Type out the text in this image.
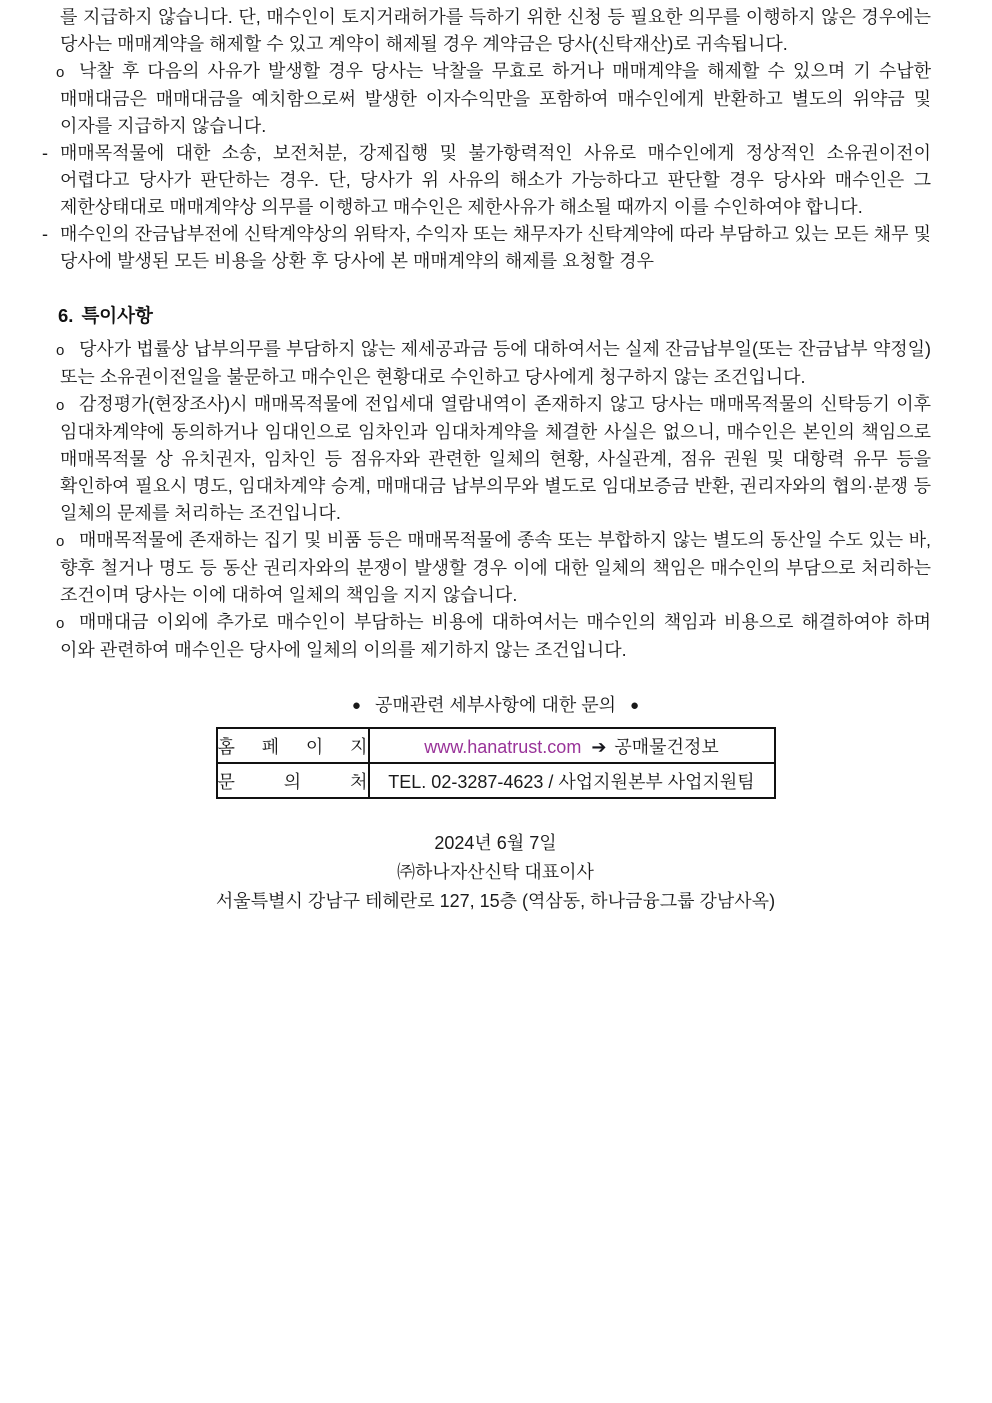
를 지급하지 않습니다. 단, 매수인이 토지거래허가를 득하기 위한 신청 등 필요한 의무를 이행하지 않은 경우에는 당사는 매매계약을 해제할 수 있고 계약이 해제될 경우 계약금은 당사(신탁재산)로 귀속됩니다.

o 낙찰 후 다음의 사유가 발생할 경우 당사는 낙찰을 무효로 하거나 매매계약을 해제할 수 있으며 기 수납한 매매대금은 매매대금을 예치함으로써 발생한 이자수익만을 포함하여 매수인에게 반환하고 별도의 위약금 및 이자를 지급하지 않습니다.

- 매매목적물에 대한 소송, 보전처분, 강제집행 및 불가항력적인 사유로 매수인에게 정상적인 소유권이전이 어렵다고 당사가 판단하는 경우. 단, 당사가 위 사유의 해소가 가능하다고 판단할 경우 당사와 매수인은 그 제한상태대로 매매계약상 의무를 이행하고 매수인은 제한사유가 해소될 때까지 이를 수인하여야 합니다.

- 매수인의 잔금납부전에 신탁계약상의 위탁자, 수익자 또는 채무자가 신탁계약에 따라 부담하고 있는 모든 채무 및 당사에 발생된 모든 비용을 상환 후 당사에 본 매매계약의 해제를 요청할 경우

6. 특이사항

o 당사가 법률상 납부의무를 부담하지 않는 제세공과금 등에 대하여서는 실제 잔금납부일(또는 잔금납부 약정일) 또는 소유권이전일을 불문하고 매수인은 현황대로 수인하고 당사에게 청구하지 않는 조건입니다.

o 감정평가(현장조사)시 매매목적물에 전입세대 열람내역이 존재하지 않고 당사는 매매목적물의 신탁등기 이후 임대차계약에 동의하거나 임대인으로 임차인과 임대차계약을 체결한 사실은 없으니, 매수인은 본인의 책임으로 매매목적물 상 유치권자, 임차인 등 점유자와 관련한 일체의 현황, 사실관계, 점유 권원 및 대항력 유무 등을 확인하여 필요시 명도, 임대차계약 승계, 매매대금 납부의무와 별도로 임대보증금 반환, 권리자와의 협의·분쟁 등 일체의 문제를 처리하는 조건입니다.

o 매매목적물에 존재하는 집기 및 비품 등은 매매목적물에 종속 또는 부합하지 않는 별도의 동산일 수도 있는 바, 향후 철거나 명도 등 동산 권리자와의 분쟁이 발생할 경우 이에 대한 일체의 책임은 매수인의 부담으로 처리하는 조건이며 당사는 이에 대하여 일체의 책임을 지지 않습니다.

o 매매대금 이외에 추가로 매수인이 부담하는 비용에 대하여서는 매수인의 책임과 비용으로 해결하여야 하며 이와 관련하여 매수인은 당사에 일체의 이의를 제기하지 않는 조건입니다.

● 공매관련 세부사항에 대한 문의 ●
홈 페 이 지	www.hanatrust.com ➔ 공매물건정보
문 의 처	TEL. 02-3287-4623 / 사업지원본부 사업지원팀
2024년 6월 7일
㈜하나자산신탁 대표이사
서울특별시 강남구 테헤란로 127, 15층 (역삼동, 하나금융그룹 강남사옥)
